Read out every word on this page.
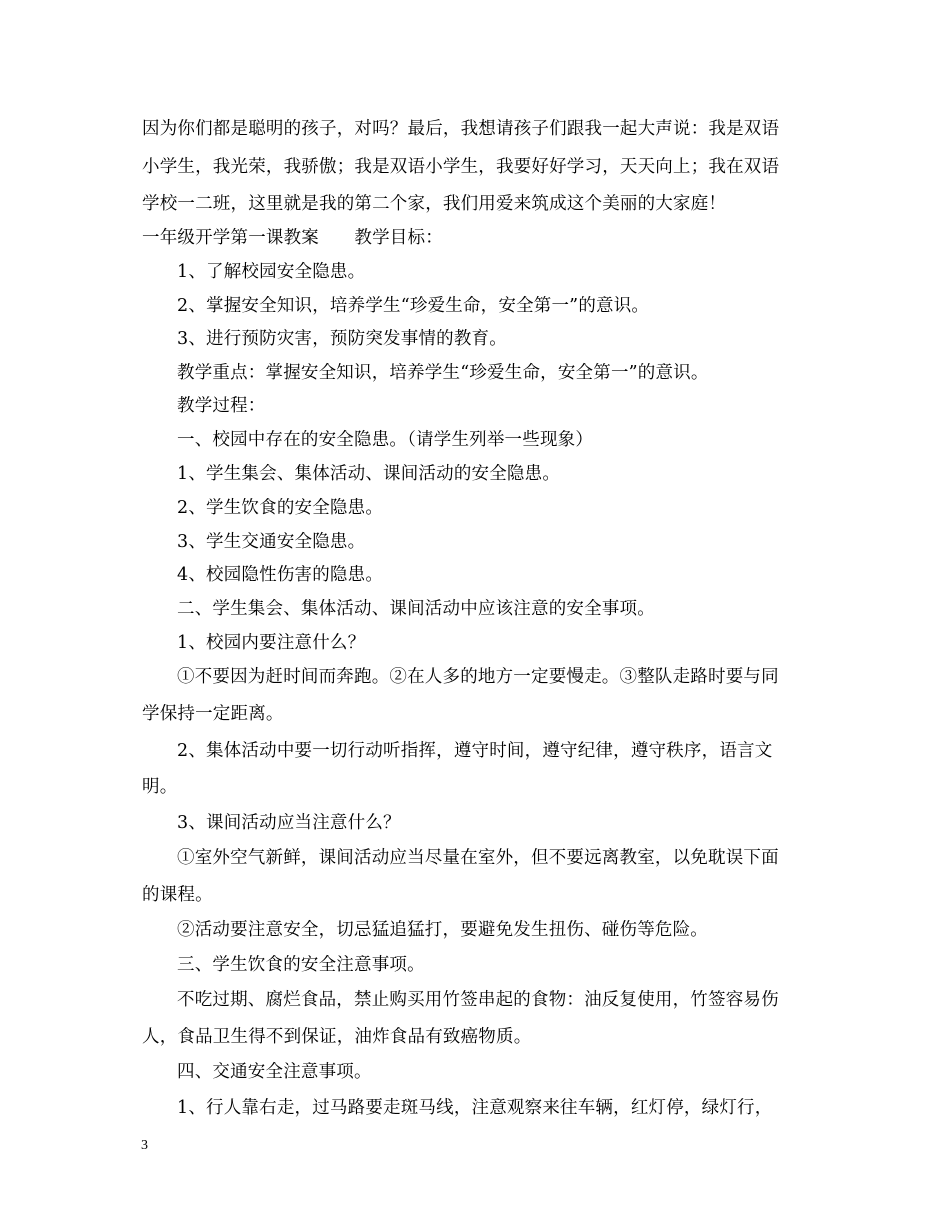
因为你们都是聪明的孩子，对吗？最后，我想请孩子们跟我一起大声说：我是双语
小学生，我光荣，我骄傲；我是双语小学生，我要好好学习，天天向上；我在双语
学校一二班，这里就是我的第二个家，我们用爱来筑成这个美丽的大家庭！
一年级开学第一课教案　　教学目标：
1、了解校园安全隐患。
2、掌握安全知识，培养学生“珍爱生命，安全第一”的意识。
3、进行预防灾害，预防突发事情的教育。
教学重点：掌握安全知识，培养学生“珍爱生命，安全第一”的意识。
教学过程：
一、校园中存在的安全隐患。（请学生列举一些现象）
1、学生集会、集体活动、课间活动的安全隐患。
2、学生饮食的安全隐患。
3、学生交通安全隐患。
4、校园隐性伤害的隐患。
二、学生集会、集体活动、课间活动中应该注意的安全事项。
1、校园内要注意什么？
①不要因为赶时间而奔跑。②在人多的地方一定要慢走。③整队走路时要与同
学保持一定距离。
2、集体活动中要一切行动听指挥，遵守时间，遵守纪律，遵守秩序，语言文
明。
3、课间活动应当注意什么？
①室外空气新鲜，课间活动应当尽量在室外，但不要远离教室，以免耽误下面
的课程。
②活动要注意安全，切忌猛追猛打，要避免发生扭伤、碰伤等危险。
三、学生饮食的安全注意事项。
不吃过期、腐烂食品，禁止购买用竹签串起的食物：油反复使用，竹签容易伤
人，食品卫生得不到保证，油炸食品有致癌物质。
四、交通安全注意事项。
1、行人靠右走，过马路要走斑马线，注意观察来往车辆，红灯停，绿灯行，
3
